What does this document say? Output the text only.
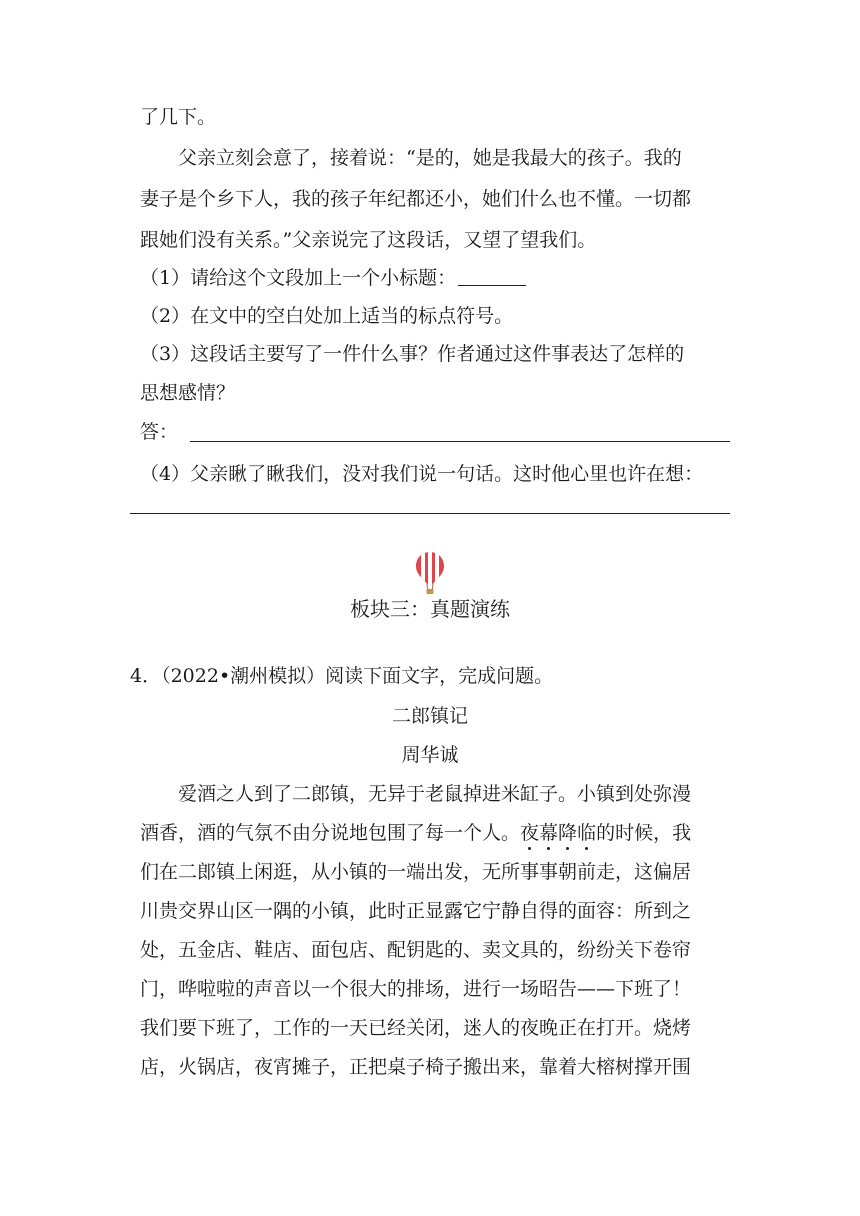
了几下。
父亲立刻会意了，接着说：“是的，她是我最大的孩子。我的
妻子是个乡下人，我的孩子年纪都还小，她们什么也不懂。一切都
跟她们没有关系。”父亲说完了这段话，又望了望我们。
（1）请给这个文段加上一个小标题：
（2）在文中的空白处加上适当的标点符号。
（3）这段话主要写了一件什么事？作者通过这件事表达了怎样的
思想感情？
答：
（4）父亲瞅了瞅我们，没对我们说一句话。这时他心里也许在想：
板块三：真题演练
4．（2022•潮州模拟）阅读下面文字，完成问题。
二郎镇记
周华诚
爱酒之人到了二郎镇，无异于老鼠掉进米缸子。小镇到处弥漫
酒香，酒的气氛不由分说地包围了每一个人。夜幕降临的时候，我
们在二郎镇上闲逛，从小镇的一端出发，无所事事朝前走，这偏居
川贵交界山区一隅的小镇，此时正显露它宁静自得的面容：所到之
处，五金店、鞋店、面包店、配钥匙的、卖文具的，纷纷关下卷帘
门，哗啦啦的声音以一个很大的排场，进行一场昭告——下班了！
我们要下班了，工作的一天已经关闭，迷人的夜晚正在打开。烧烤
店，火锅店，夜宵摊子，正把桌子椅子搬出来，靠着大榕树撑开围
